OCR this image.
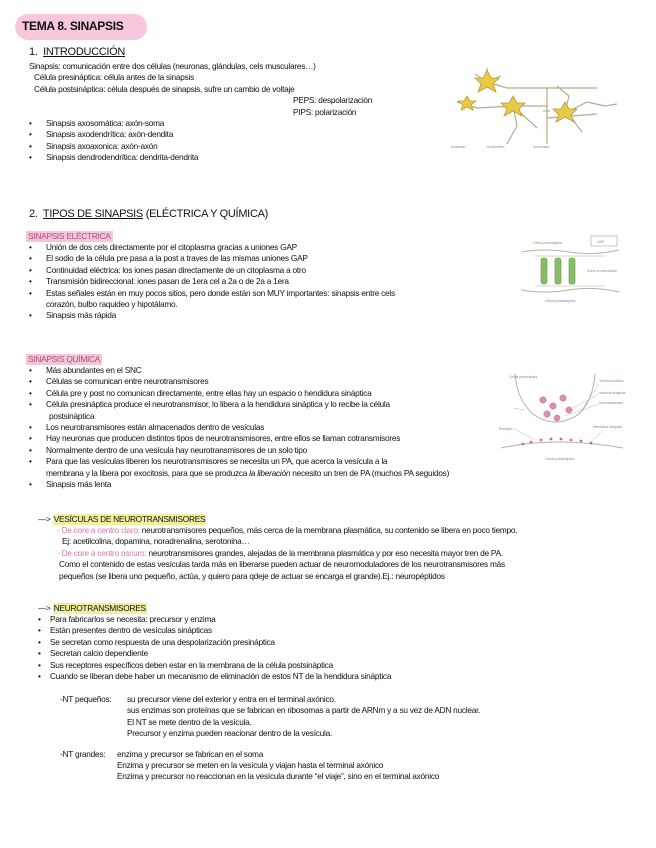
TEMA 8. SINAPSIS
1. INTRODUCCIÓN
Sinapsis: comunicación entre dos células (neuronas, glándulas, cels musculares…)
Célula presináptica: célula antes de la sinapsis
Célula postsináptica: célula después de sinapsis, sufre un cambio de voltaje
PEPS: despolarización
PIPS: polarización
• Sinapsis axosomática: axón-soma
• Sinapsis axodendrítica: axón-dendita
• Sinapsis axoaxonica: axón-axón
• Sinapsis dendrodendrítica: dendrita-dendrita
Axoaxonic	Axodendritic	Axosomatic
Axon
2. TIPOS DE SINAPSIS (ELÉCTRICA Y QUÍMICA)
SINAPSIS ELÉCTRICA
• Unión de dos cels directamente por el citoplasma gracias a uniones GAP
• El sodio de la célula pre pasa a la post a traves de las mismas uniones GAP
• Continuidad eléctrica: los iones pasan directamente de un citoplasma a otro
• Transmisión bidireccional: iones pasan de 1era cel a 2a o de 2a a 1era
• Estas señales están en muy pocos sitios, pero donde están son MUY importantes: sinapsis entre cels
corazón, bulbo raquideo y hipotálamo.
• Sinapsis más rápida
Célula presináptica
Célula postsináptica
Unión en hendidura
GAP
SINAPSIS QUÍMICA
• Más abundantes en el SNC
• Células se comunican entre neurotransmisores
• Célula pre y post no comunican directamente, entre ellas hay un espacio o hendidura sináptica
• Célula presináptica produce el neurotransmisor, lo libera a la hendidura sináptica y lo recibe la célula
postsináptica
• Los neurotransmisores están almacenados dentro de vesículas
• Hay neuronas que producen distintos tipos de neurotransmisores, entre ellos se llaman cotransmisores
• Normalmente dentro de una vesícula hay neurotransmisores de un solo tipo
• Para que las vesículas liberen los neurotransmisores se necesita un PA, que acerca la vesícula a la
membrana y la libera por exocitosis, para que se produzca la liberación necesito un tren de PA (muchos PA seguidos)
• Sinapsis más lenta
Célula presináptica
Célula postsináptica
Terminal axónico
Vesícula sináptica
Neurotransmisor
Receptor	Hendidura sináptica
—> VESÍCULAS DE NEUROTRANSMISORES
- De core a centro claro: neurotransmisores pequeños, más cerca de la membrana plasmática, su contenido se libera en poco tiempo.
Ej: acetilcolina, dopamina, noradrenalina, serotonina…
- De core a centro oscuro: neurotransmisores grandes, alejadas de la membrana plasmática y por eso necesita mayor tren de PA.
Como el contenido de estas vesículas tarda más en liberarse pueden actuar de neuromoduladores de los neurotransmisores más
pequeños (se libera uno pequeño, actúa, y quiero para qdeje de actuar se encarga el grande).Ej.: neuropéptidos
—> NEUROTRANSMISORES
• Para fabricarlos se necesita: precursor y enzima
• Están presentes dentro de vesículas sinápticas
• Se secretan como respuesta de una despolarización presináptica
• Secretan calcio dependiente
• Sus receptores específicos deben estar en la membrana de la célula postsináptica
• Cuando se liberan debe haber un mecanismo de eliminación de estos NT de la hendidura sináptica
-NT pequeños: su precursor viene del exterior y entra en el terminal axónico.
sus enzimas son proteínas que se fabrican en ribosomas a partir de ARNm y a su vez de ADN nuclear.
El NT se mete dentro de la vesícula.
Precursor y enzima pueden reacionar dentro de la vesícula.
-NT grandes: enzima y precursor se fabrican en el soma
Enzima y precursor se meten en la vesícula y viajan hasta el terminal axónico
Enzima y precursor no reaccionan en la vesícula durante “el viaje”, sino en el terminal axónico
